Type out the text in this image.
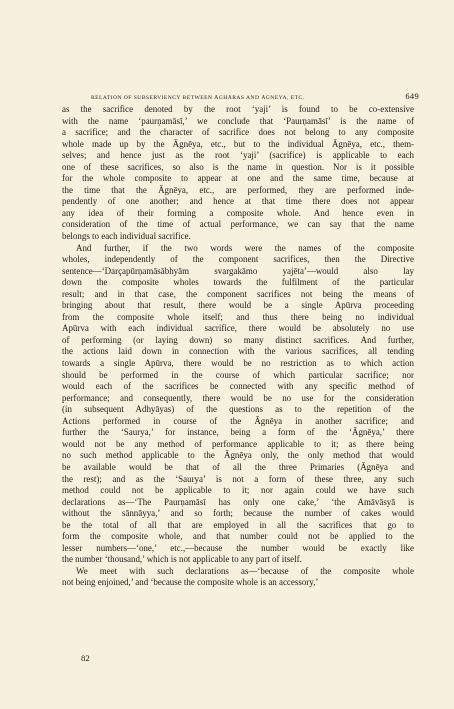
RELATION OF SUBSERVIENCY BETWEEN ĀGHĀRAS AND ĀGNEYA, ETC.	649
as the sacrifice denoted by the root ‘yaji’ is found to be co-extensive
with the name ‘paurṇamāsī,’ we conclude that ‘Paurṇamāsī’ is the name of
a sacrifice; and the character of sacrifice does not belong to any composite
whole made up by the Āgnēya, etc., but to the individual Āgnēya, etc., them-
selves; and hence just as the root ‘yaji’ (sacrifice) is applicable to each
one of these sacrifices, so also is the name in question. Nor is it possible
for the whole composite to appear at one and the same time, because at
the time that the Āgnēya, etc., are performed, they are performed inde-
pendently of one another; and hence at that time there does not appear
any idea of their forming a composite whole. And hence even in
consideration of the time of actual performance, we can say that the name
belongs to each individual sacrifice.
And further, if the two words were the names of the composite
wholes, independently of the component sacrifices, then the Directive
sentence—‘Darçapūrṇamāsābhyām svargakāmo yajēta’—would also lay
down the composite wholes towards the fulfilment of the particular
result; and in that case, the component sacrifices not being the means of
bringing about that result, there would be a single Apūrva proceeding
from the composite whole itself; and thus there being no individual
Apūrva with each individual sacrifice, there would be absolutely no use
of performing (or laying down) so many distinct sacrifices. And further,
the actions laid down in connection with the various sacrifices, all tending
towards a single Apūrva, there would be no restriction as to which action
should be performed in the course of which particular sacrifice; nor
would each of the sacrifices be connected with any specific method of
performance; and consequently, there would be no use for the consideration
(in subsequent Adhyāyas) of the questions as to the repetition of the
Actions performed in course of the Āgnēya in another sacrifice; and
further the ‘Saurya,’ for instance, being a form of the ‘Āgnēya,’ there
would not be any method of performance applicable to it; as there being
no such method applicable to the Āgnēya only, the only method that would
be available would be that of all the three Primaries (Āgnēya and
the rest); and as the ‘Saurya’ is not a form of these three, any such
method could not be applicable to it; nor again could we have such
declarations as—‘The Paurṇamāsī has only one cake,’ ‘the Amāvāsyā is
without the sānnāyya,’ and so forth; because the number of cakes would
be the total of all that are employed in all the sacrifices that go to
form the composite whole, and that number could not be applied to the
lesser numbers—‘one,’ etc.,—because the number would be exactly like
the number ‘thousand,’ which is not applicable to any part of itself.
We meet with such declarations as—‘because of the composite whole
not being enjoined,’ and ‘because the composite whole is an accessory,’
82
